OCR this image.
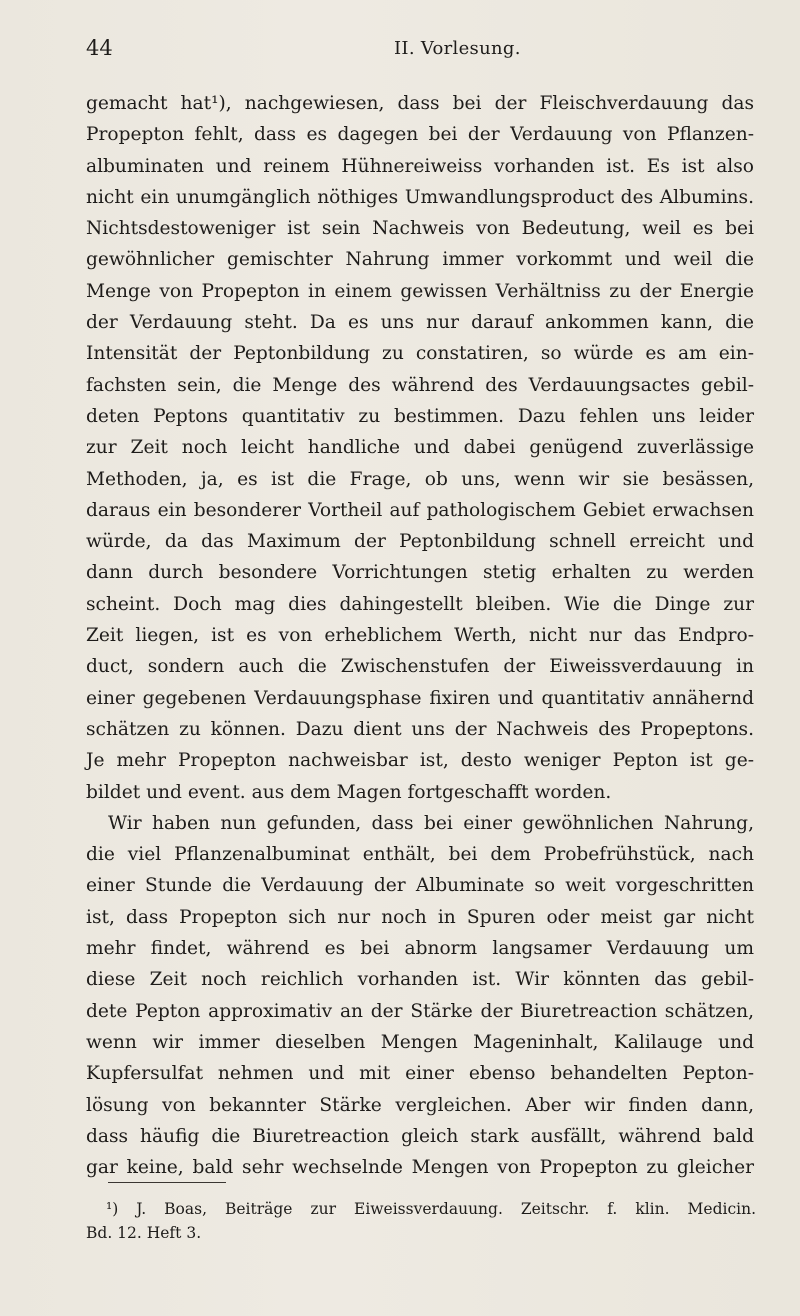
44	II. Vorlesung.
gemacht hat¹), nachgewiesen, dass bei der Fleischverdauung das
Propepton fehlt, dass es dagegen bei der Verdauung von Pflanzen-
albuminaten und reinem Hühnereiweiss vorhanden ist. Es ist also
nicht ein unumgänglich nöthiges Umwandlungsproduct des Albumins.
Nichtsdestoweniger ist sein Nachweis von Bedeutung, weil es bei
gewöhnlicher gemischter Nahrung immer vorkommt und weil die
Menge von Propepton in einem gewissen Verhältniss zu der Energie
der Verdauung steht. Da es uns nur darauf ankommen kann, die
Intensität der Peptonbildung zu constatiren, so würde es am ein-
fachsten sein, die Menge des während des Verdauungsactes gebil-
deten Peptons quantitativ zu bestimmen. Dazu fehlen uns leider
zur Zeit noch leicht handliche und dabei genügend zuverlässige
Methoden, ja, es ist die Frage, ob uns, wenn wir sie besässen,
daraus ein besonderer Vortheil auf pathologischem Gebiet erwachsen
würde, da das Maximum der Peptonbildung schnell erreicht und
dann durch besondere Vorrichtungen stetig erhalten zu werden
scheint. Doch mag dies dahingestellt bleiben. Wie die Dinge zur
Zeit liegen, ist es von erheblichem Werth, nicht nur das Endpro-
duct, sondern auch die Zwischenstufen der Eiweissverdauung in
einer gegebenen Verdauungsphase fixiren und quantitativ annähernd
schätzen zu können. Dazu dient uns der Nachweis des Propeptons.
Je mehr Propepton nachweisbar ist, desto weniger Pepton ist ge-
bildet und event. aus dem Magen fortgeschafft worden.
Wir haben nun gefunden, dass bei einer gewöhnlichen Nahrung,
die viel Pflanzenalbuminat enthält, bei dem Probefrühstück, nach
einer Stunde die Verdauung der Albuminate so weit vorgeschritten
ist, dass Propepton sich nur noch in Spuren oder meist gar nicht
mehr findet, während es bei abnorm langsamer Verdauung um
diese Zeit noch reichlich vorhanden ist. Wir könnten das gebil-
dete Pepton approximativ an der Stärke der Biuretreaction schätzen,
wenn wir immer dieselben Mengen Mageninhalt, Kalilauge und
Kupfersulfat nehmen und mit einer ebenso behandelten Pepton-
lösung von bekannter Stärke vergleichen. Aber wir finden dann,
dass häufig die Biuretreaction gleich stark ausfällt, während bald
gar keine, bald sehr wechselnde Mengen von Propepton zu gleicher
¹) J. Boas, Beiträge zur Eiweissverdauung. Zeitschr. f. klin. Medicin.
Bd. 12. Heft 3.
